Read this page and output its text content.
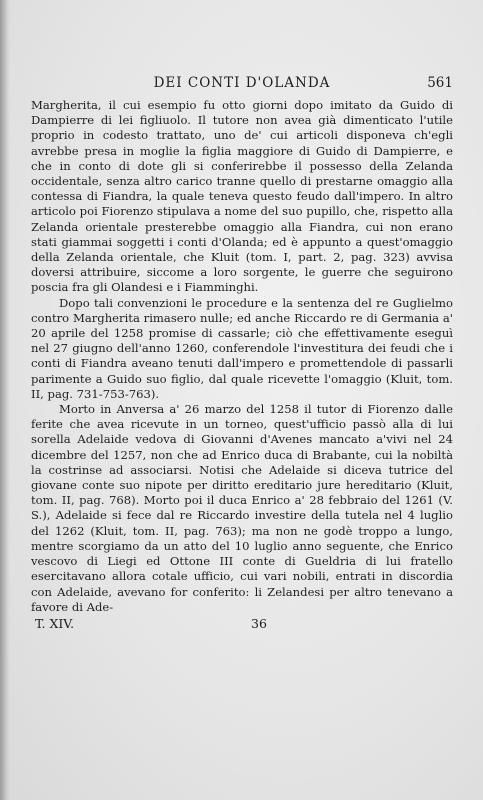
DEI CONTI D'OLANDA	561

Margherita, il cui esempio fu otto giorni dopo imitato da Guido di Dampierre di lei figliuolo. Il tutore non avea già dimenticato l'utile proprio in codesto trattato, uno de' cui articoli disponeva ch'egli avrebbe presa in moglie la figlia maggiore di Guido di Dampierre, e che in conto di dote gli si conferirebbe il possesso della Zelanda occidentale, senza altro carico tranne quello di prestarne omaggio alla contessa di Fiandra, la quale teneva questo feudo dall'impero. In altro articolo poi Fiorenzo stipulava a nome del suo pupillo, che, rispetto alla Zelanda orientale presterebbe omaggio alla Fiandra, cui non erano stati giammai soggetti i conti d'Olanda; ed è appunto a quest'omaggio della Zelanda orientale, che Kluit (tom. I, part. 2, pag. 323) avvisa doversi attribuire, siccome a loro sorgente, le guerre che seguirono poscia fra gli Olandesi e i Fiamminghi.

Dopo tali convenzioni le procedure e la sentenza del re Guglielmo contro Margherita rimasero nulle; ed anche Riccardo re di Germania a' 20 aprile del 1258 promise di cassarle; ciò che effettivamente eseguì nel 27 giugno dell'anno 1260, conferendole l'investitura dei feudi che i conti di Fiandra aveano tenuti dall'impero e promettendole di passarli parimente a Guido suo figlio, dal quale ricevette l'omaggio (Kluit, tom. II, pag. 731-753-763).

Morto in Anversa a' 26 marzo del 1258 il tutor di Fiorenzo dalle ferite che avea ricevute in un torneo, quest'ufficio passò alla di lui sorella Adelaide vedova di Giovanni d'Avenes mancato a'vivi nel 24 dicembre del 1257, non che ad Enrico duca di Brabante, cui la nobiltà la costrinse ad associarsi. Notisi che Adelaide si diceva tutrice del giovane conte suo nipote per diritto ereditario jure hereditario (Kluit, tom. II, pag. 768). Morto poi il duca Enrico a' 28 febbraio del 1261 (V. S.), Adelaide si fece dal re Riccardo investire della tutela nel 4 luglio del 1262 (Kluit, tom. II, pag. 763); ma non ne godè troppo a lungo, mentre scorgiamo da un atto del 10 luglio anno seguente, che Enrico vescovo di Liegi ed Ottone III conte di Gueldria di lui fratello esercitavano allora cotale ufficio, cui vari nobili, entrati in discordia con Adelaide, avevano for conferito: li Zelandesi per altro tenevano a favore di Ade-

T. XIV.	36
